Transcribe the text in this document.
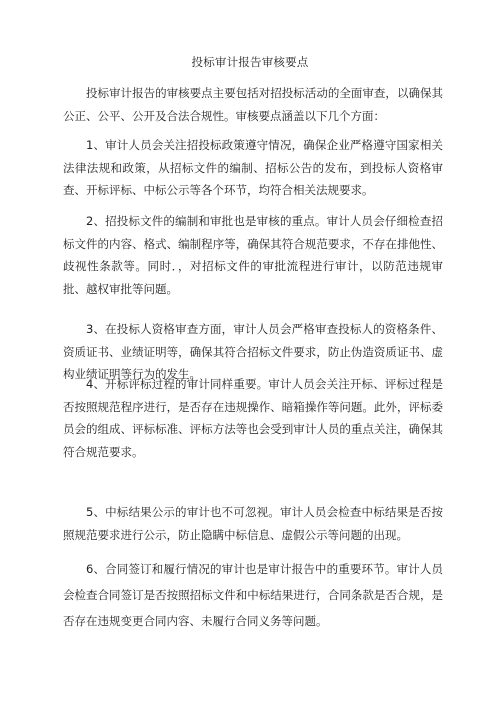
投标审计报告审核要点

投标审计报告的审核要点主要包括对招投标活动的全面审查，以确保其公正、公平、公开及合法合规性。审核要点涵盖以下几个方面：

1、审计人员会关注招投标政策遵守情况，确保企业严格遵守国家相关法律法规和政策，从招标文件的编制、招标公告的发布，到投标人资格审查、开标评标、中标公示等各个环节，均符合相关法规要求。

2、招投标文件的编制和审批也是审核的重点。审计人员会仔细检查招标文件的内容、格式、编制程序等，确保其符合规范要求，不存在排他性、歧视性条款等。同时．，对招标文件的审批流程进行审计，以防范违规审批、越权审批等问题。

3、在投标人资格审查方面，审计人员会严格审查投标人的资格条件、资质证书、业绩证明等，确保其符合招标文件要求，防止伪造资质证书、虚构业绩证明等行为的发生。

4、开标评标过程的审计同样重要。审计人员会关注开标、评标过程是否按照规范程序进行，是否存在违规操作、暗箱操作等问题。此外，评标委员会的组成、评标标准、评标方法等也会受到审计人员的重点关注，确保其符合规范要求。

5、中标结果公示的审计也不可忽视。审计人员会检查中标结果是否按照规范要求进行公示，防止隐瞒中标信息、虚假公示等问题的出现。

6、合同签订和履行情况的审计也是审计报告中的重要环节。审计人员会检查合同签订是否按照招标文件和中标结果进行，合同条款是否合规，是否存在违规变更合同内容、未履行合同义务等问题。
